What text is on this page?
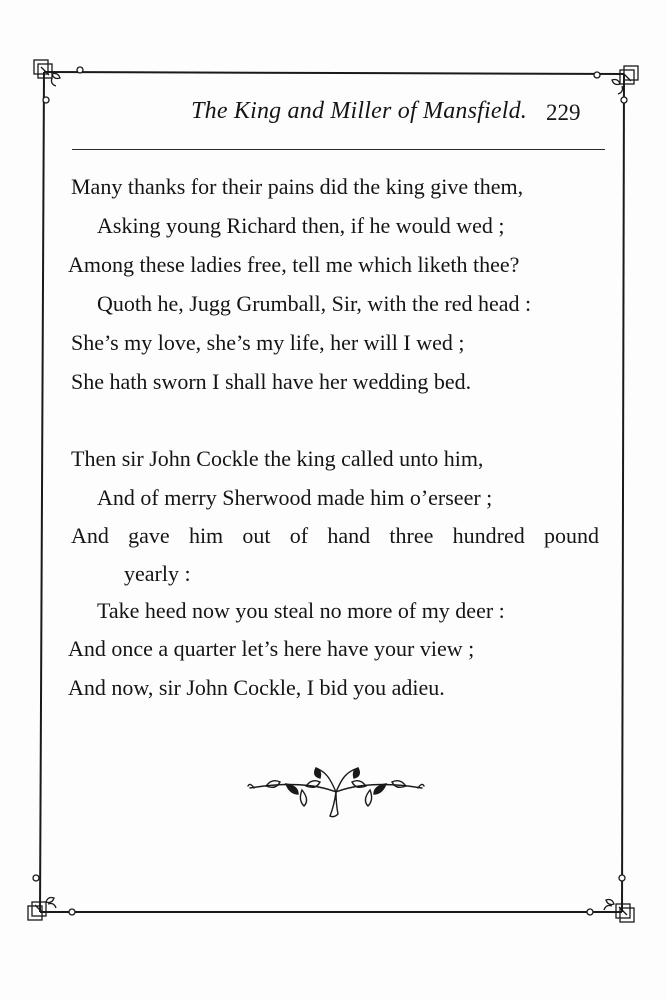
The King and Miller of Mansfield. 229
Many thanks for their pains did the king give them,
Asking young Richard then, if he would wed ;
Among these ladies free, tell me which liketh thee?
Quoth he, Jugg Grumball, Sir, with the red head :
She’s my love, she’s my life, her will I wed ;
She hath sworn I shall have her wedding bed.
Then sir John Cockle the king called unto him,
And of merry Sherwood made him o’erseer ;
And gave him out of hand three hundred pound
yearly :
Take heed now you steal no more of my deer :
And once a quarter let’s here have your view ;
And now, sir John Cockle, I bid you adieu.
